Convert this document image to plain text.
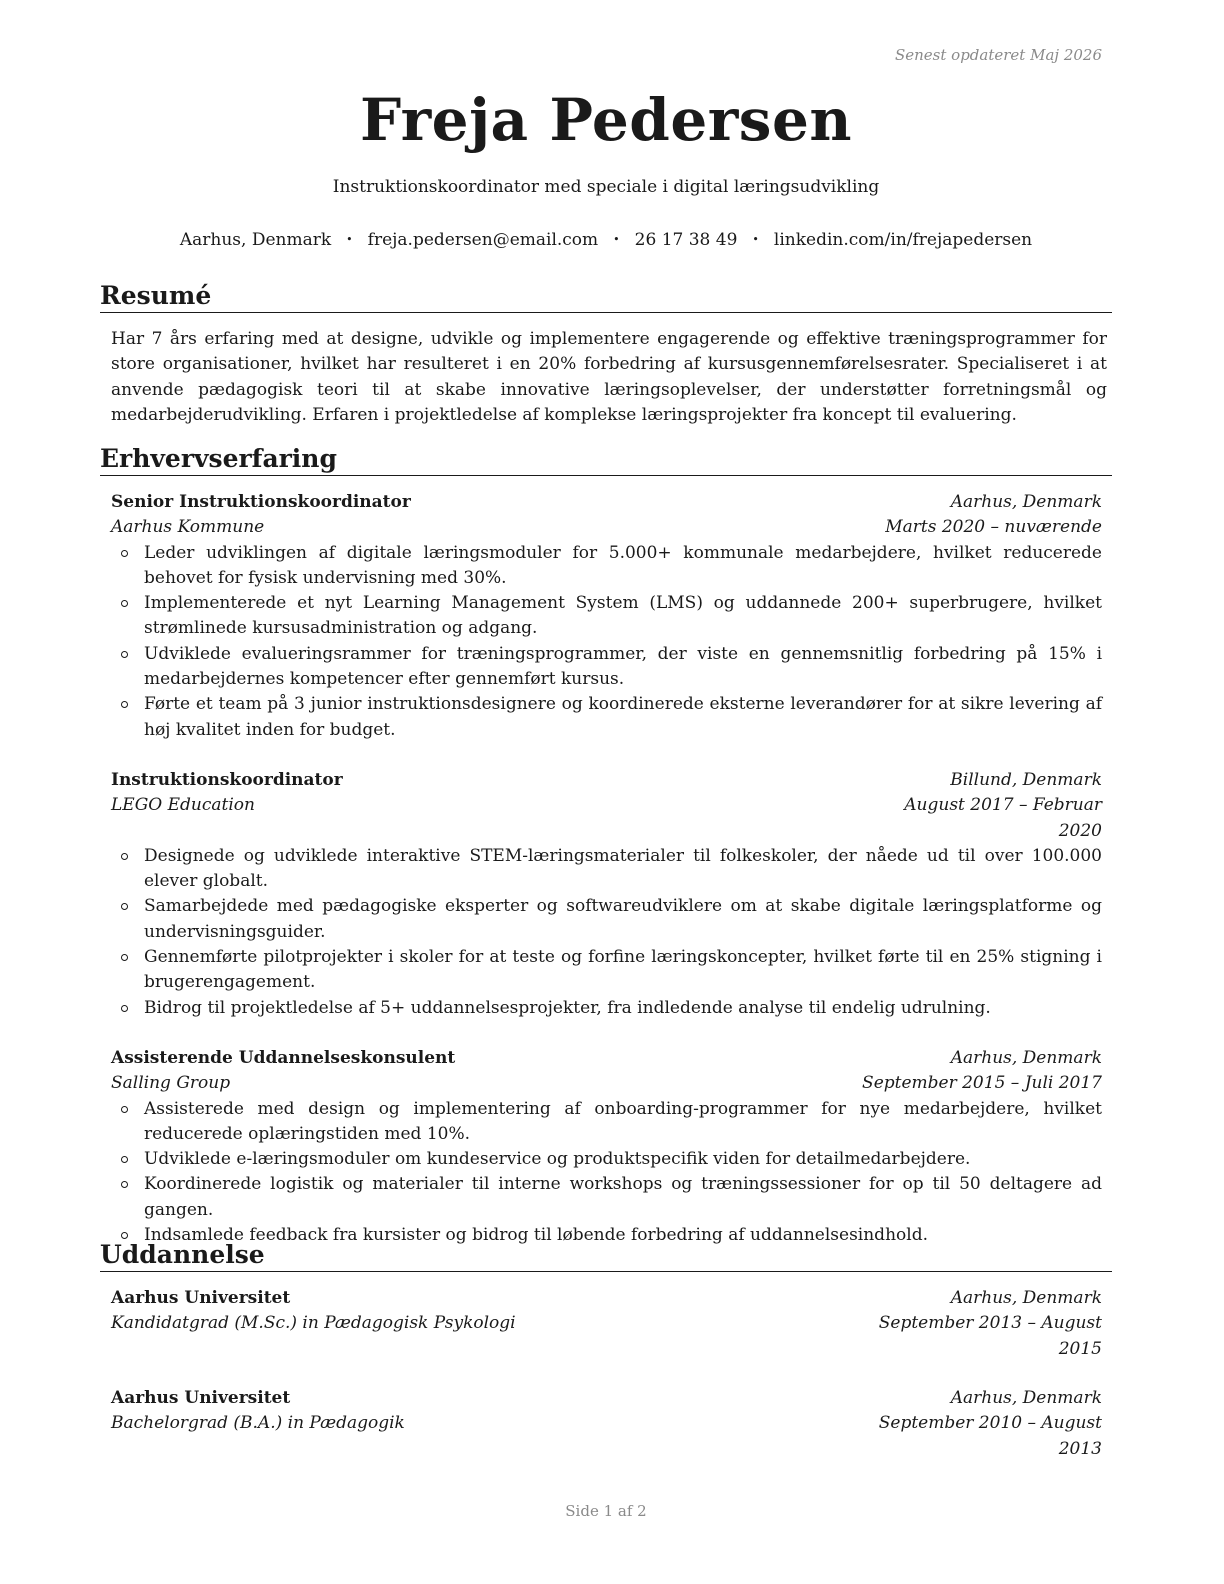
Senest opdateret Maj 2026
Freja Pedersen
Instruktionskoordinator med speciale i digital læringsudvikling
Aarhus, Denmark • freja.pedersen@email.com • 26 17 38 49 • linkedin.com/in/frejapedersen
Resumé
Har 7 års erfaring med at designe, udvikle og implementere engagerende og effektive træningsprogrammer for store organisationer, hvilket har resulteret i en 20% forbedring af kursusgennemførelsesrater. Specialiseret i at anvende pædagogisk teori til at skabe innovative læringsoplevelser, der understøtter forretningsmål og medarbejderudvikling. Erfaren i projektledelse af komplekse læringsprojekter fra koncept til evaluering.
Erhvervserfaring
Senior Instruktionskoordinator	Aarhus, Denmark
Aarhus Kommune	Marts 2020 – nuværende
Leder udviklingen af digitale læringsmoduler for 5.000+ kommunale medarbejdere, hvilket reducerede behovet for fysisk undervisning med 30%.
Implementerede et nyt Learning Management System (LMS) og uddannede 200+ superbrugere, hvilket strømlinede kursusadministration og adgang.
Udviklede evalueringsrammer for træningsprogrammer, der viste en gennemsnitlig forbedring på 15% i medarbejdernes kompetencer efter gennemført kursus.
Førte et team på 3 junior instruktionsdesignere og koordinerede eksterne leverandører for at sikre levering af høj kvalitet inden for budget.
Instruktionskoordinator	Billund, Denmark
LEGO Education	August 2017 – Februar 2020
Designede og udviklede interaktive STEM-læringsmaterialer til folkeskoler, der nåede ud til over 100.000 elever globalt.
Samarbejdede med pædagogiske eksperter og softwareudviklere om at skabe digitale læringsplatforme og undervisningsguider.
Gennemførte pilotprojekter i skoler for at teste og forfine læringskoncepter, hvilket førte til en 25% stigning i brugerengagement.
Bidrog til projektledelse af 5+ uddannelsesprojekter, fra indledende analyse til endelig udrulning.
Assisterende Uddannelseskonsulent	Aarhus, Denmark
Salling Group	September 2015 – Juli 2017
Assisterede med design og implementering af onboarding-programmer for nye medarbejdere, hvilket reducerede oplæringstiden med 10%.
Udviklede e-læringsmoduler om kundeservice og produktspecifik viden for detailmedarbejdere.
Koordinerede logistik og materialer til interne workshops og træningssessioner for op til 50 deltagere ad gangen.
Indsamlede feedback fra kursister og bidrog til løbende forbedring af uddannelsesindhold.
Uddannelse
Aarhus Universitet	Aarhus, Denmark
Kandidatgrad (M.Sc.) in Pædagogisk Psykologi	September 2013 – August 2015
Aarhus Universitet	Aarhus, Denmark
Bachelorgrad (B.A.) in Pædagogik	September 2010 – August 2013
Side 1 af 2
